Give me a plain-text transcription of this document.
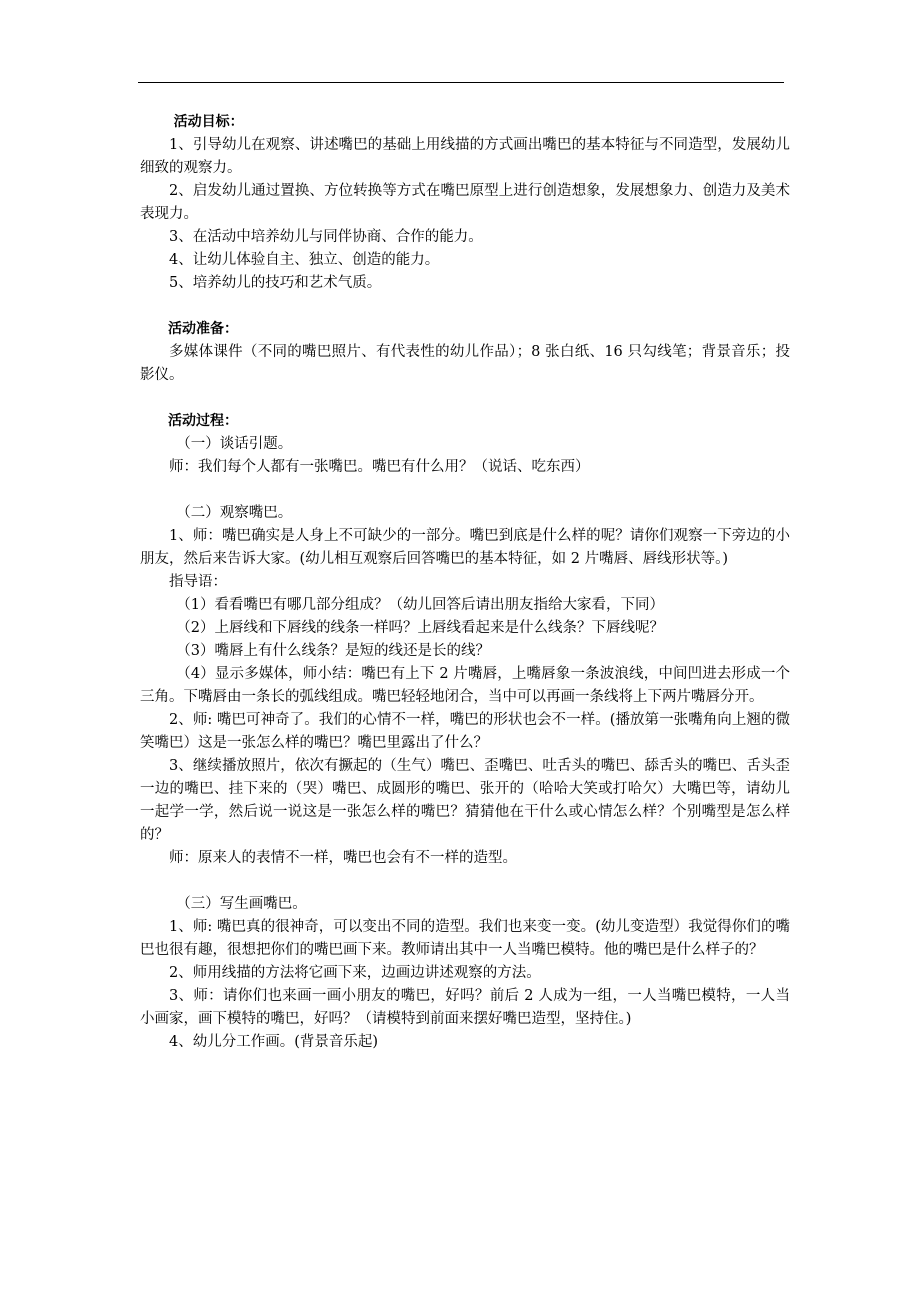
活动目标：

1、引导幼儿在观察、讲述嘴巴的基础上用线描的方式画出嘴巴的基本特征与不同造型，发展幼儿细致的观察力。

2、启发幼儿通过置换、方位转换等方式在嘴巴原型上进行创造想象，发展想象力、创造力及美术表现力。

3、在活动中培养幼儿与同伴协商、合作的能力。

4、让幼儿体验自主、独立、创造的能力。

5、培养幼儿的技巧和艺术气质。

活动准备：

多媒体课件（不同的嘴巴照片、有代表性的幼儿作品）；8 张白纸、16 只勾线笔；背景音乐；投影仪。

活动过程：

（一）谈话引题。

师：我们每个人都有一张嘴巴。嘴巴有什么用？（说话、吃东西）

（二）观察嘴巴。

1、师：嘴巴确实是人身上不可缺少的一部分。嘴巴到底是什么样的呢？请你们观察一下旁边的小朋友，然后来告诉大家。(幼儿相互观察后回答嘴巴的基本特征，如 2 片嘴唇、唇线形状等。)

指导语：

（1）看看嘴巴有哪几部分组成？（幼儿回答后请出朋友指给大家看，下同）

（2）上唇线和下唇线的线条一样吗？上唇线看起来是什么线条？下唇线呢？

（3）嘴唇上有什么线条？是短的线还是长的线？

（4）显示多媒体，师小结：嘴巴有上下 2 片嘴唇，上嘴唇象一条波浪线，中间凹进去形成一个三角。下嘴唇由一条长的弧线组成。嘴巴轻轻地闭合，当中可以再画一条线将上下两片嘴唇分开。

2、师: 嘴巴可神奇了。我们的心情不一样，嘴巴的形状也会不一样。(播放第一张嘴角向上翘的微笑嘴巴）这是一张怎么样的嘴巴？嘴巴里露出了什么？

3、继续播放照片，依次有撅起的（生气）嘴巴、歪嘴巴、吐舌头的嘴巴、舔舌头的嘴巴、舌头歪一边的嘴巴、挂下来的（哭）嘴巴、成圆形的嘴巴、张开的（哈哈大笑或打哈欠）大嘴巴等，请幼儿一起学一学，然后说一说这是一张怎么样的嘴巴？猜猜他在干什么或心情怎么样？个别嘴型是怎么样的？

师：原来人的表情不一样，嘴巴也会有不一样的造型。

（三）写生画嘴巴。

1、师: 嘴巴真的很神奇，可以变出不同的造型。我们也来变一变。(幼儿变造型）我觉得你们的嘴巴也很有趣，很想把你们的嘴巴画下来。教师请出其中一人当嘴巴模特。他的嘴巴是什么样子的？

2、师用线描的方法将它画下来，边画边讲述观察的方法。

3、师：请你们也来画一画小朋友的嘴巴，好吗？前后 2 人成为一组，一人当嘴巴模特，一人当小画家，画下模特的嘴巴，好吗？（请模特到前面来摆好嘴巴造型，坚持住。)

4、幼儿分工作画。(背景音乐起)
